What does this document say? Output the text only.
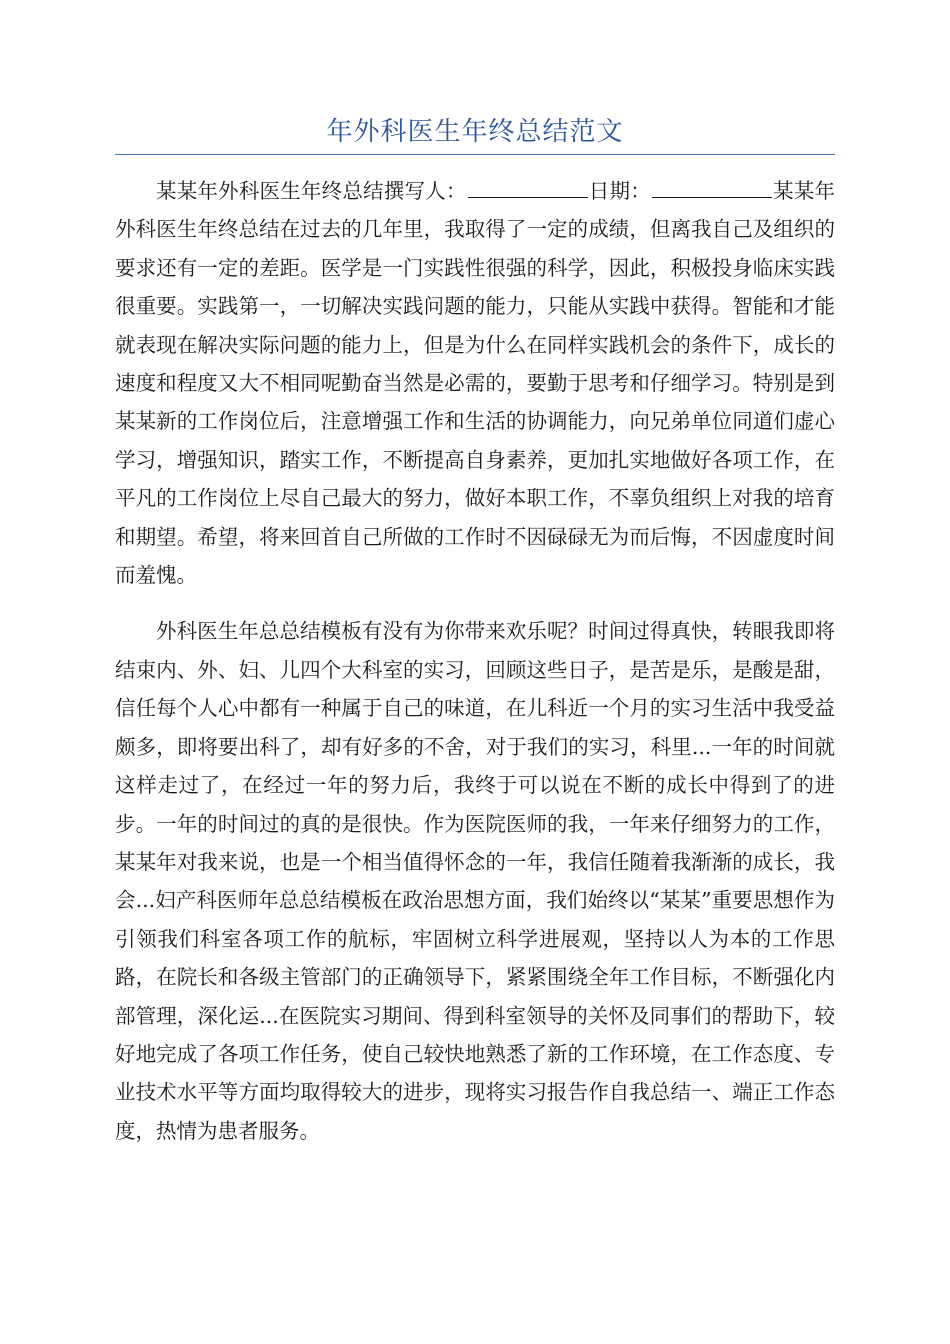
年外科医生年终总结范文

某某年外科医生年终总结撰写人：	日期：	某某年外科医生年终总结在过去的几年里，我取得了一定的成绩，但离我自己及组织的要求还有一定的差距。医学是一门实践性很强的科学，因此，积极投身临床实践很重要。实践第一，一切解决实践问题的能力，只能从实践中获得。智能和才能就表现在解决实际问题的能力上，但是为什么在同样实践机会的条件下，成长的速度和程度又大不相同呢勤奋当然是必需的，要勤于思考和仔细学习。特别是到某某新的工作岗位后，注意增强工作和生活的协调能力，向兄弟单位同道们虚心学习，增强知识，踏实工作，不断提高自身素养，更加扎实地做好各项工作，在平凡的工作岗位上尽自己最大的努力，做好本职工作，不辜负组织上对我的培育和期望。希望，将来回首自己所做的工作时不因碌碌无为而后悔，不因虚度时间而羞愧。

外科医生年总总结模板有没有为你带来欢乐呢？时间过得真快，转眼我即将结束内、外、妇、儿四个大科室的实习，回顾这些日子，是苦是乐，是酸是甜，信任每个人心中都有一种属于自己的味道，在儿科近一个月的实习生活中我受益颇多，即将要出科了，却有好多的不舍，对于我们的实习，科里...一年的时间就这样走过了，在经过一年的努力后，我终于可以说在不断的成长中得到了的进步。一年的时间过的真的是很快。作为医院医师的我，一年来仔细努力的工作，某某年对我来说，也是一个相当值得怀念的一年，我信任随着我渐渐的成长，我会...妇产科医师年总总结模板在政治思想方面，我们始终以“某某”重要思想作为引领我们科室各项工作的航标，牢固树立科学进展观，坚持以人为本的工作思路，在院长和各级主管部门的正确领导下，紧紧围绕全年工作目标，不断强化内部管理，深化运...在医院实习期间、得到科室领导的关怀及同事们的帮助下，较好地完成了各项工作任务，使自己较快地熟悉了新的工作环境，在工作态度、专业技术水平等方面均取得较大的进步，现将实习报告作自我总结一、端正工作态度，热情为患者服务。
